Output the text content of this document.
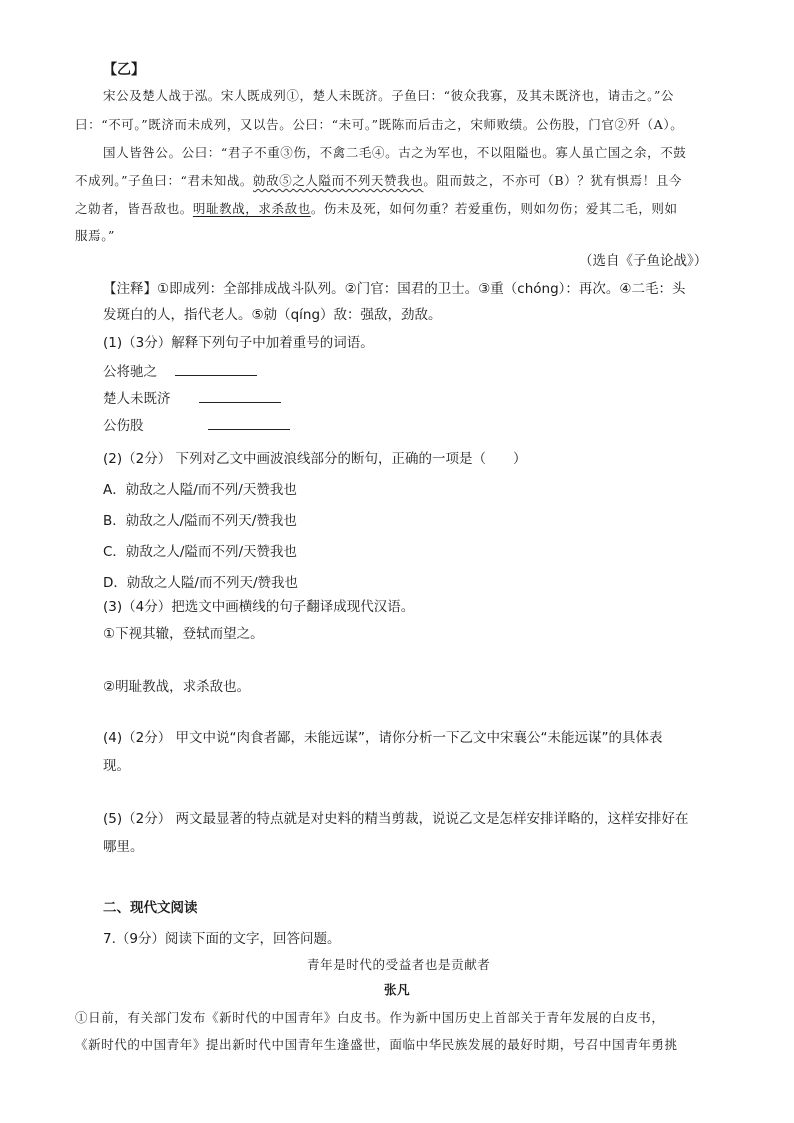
【乙】
宋公及楚人战于泓。宋人既成列①，楚人未既济。子鱼曰：“彼众我寡，及其未既济也，请击之。”公
曰：“不可。”既济而未成列，又以告。公曰：“未可。”既陈而后击之，宋师败绩。公伤股，门官②歼（A）。
国人皆咎公。公曰：“君子不重③伤，不禽二毛④。古之为军也，不以阻隘也。寡人虽亡国之余，不鼓
不成列。”子鱼曰：“君未知战。勍敌⑤之人隘而不列天赞我也。阻而鼓之，不亦可（B）？犹有惧焉！且今
之勍者，皆吾敌也。明耻教战，求杀敌也。伤未及死，如何勿重？若爱重伤，则如勿伤；爱其二毛，则如
服焉。”
（选自《子鱼论战》）
【注释】①即成列：全部排成战斗队列。②门官：国君的卫士。③重（chóng）：再次。④二毛：头
发斑白的人，指代老人。⑤勍（qíng）敌：强敌，劲敌。
(1)（3分）解释下列句子中加着重号的词语。
公将驰之
楚人未既济
公伤股
(2)（2分） 下列对乙文中画波浪线部分的断句，正确的一项是（　　）
A．勍敌之人隘/而不列/天赞我也
B．勍敌之人/隘而不列天/赞我也
C．勍敌之人/隘而不列/天赞我也
D．勍敌之人隘/而不列天/赞我也
(3)（4分）把选文中画横线的句子翻译成现代汉语。
①下视其辙，登轼而望之。
②明耻教战，求杀敌也。
(4)（2分） 甲文中说“肉食者鄙，未能远谋”，请你分析一下乙文中宋襄公“未能远谋”的具体表
现。
(5)（2分） 两文最显著的特点就是对史料的精当剪裁，说说乙文是怎样安排详略的，这样安排好在
哪里。
二、现代文阅读
7.（9分）阅读下面的文字，回答问题。
青年是时代的受益者也是贡献者
张凡
①日前，有关部门发布《新时代的中国青年》白皮书。作为新中国历史上首部关于青年发展的白皮书，
《新时代的中国青年》提出新时代中国青年生逢盛世，面临中华民族发展的最好时期，号召中国青年勇挑
